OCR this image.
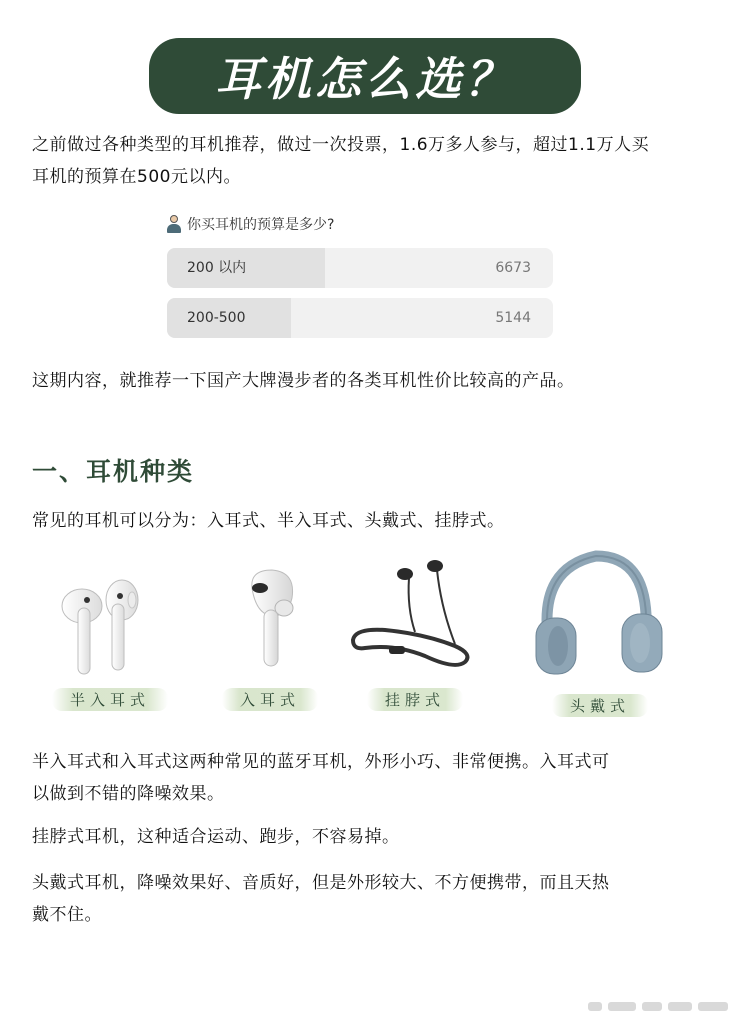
耳机怎么选？

之前做过各种类型的耳机推荐，做过一次投票，1.6万多人参与，超过1.1万人买
耳机的预算在500元以内。

你买耳机的预算是多少?
200 以内	6673
200-500	5144

这期内容，就推荐一下国产大牌漫步者的各类耳机性价比较高的产品。

一、耳机种类

常见的耳机可以分为：入耳式、半入耳式、头戴式、挂脖式。

半入耳式	入耳式	挂脖式	头戴式

半入耳式和入耳式这两种常见的蓝牙耳机，外形小巧、非常便携。入耳式可
以做到不错的降噪效果。

挂脖式耳机，这种适合运动、跑步，不容易掉。

头戴式耳机，降噪效果好、音质好，但是外形较大、不方便携带，而且天热
戴不住。
